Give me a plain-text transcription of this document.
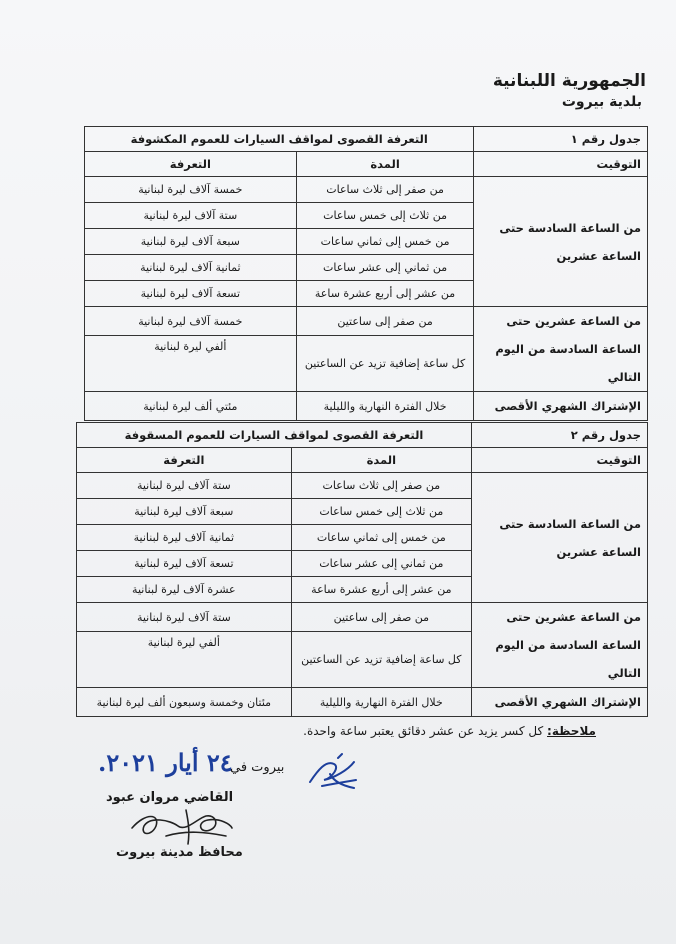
الجمهورية اللبنانية
بلدية بيروت
جدول رقم ١	التعرفة القصوى لمواقف السيارات للعموم المكشوفة	
التوقيت	المدة	التعرفة
من الساعة السادسة حتى الساعة عشرين	من صفر إلى ثلاث ساعات	خمسة آلاف ليرة لبنانية
	من ثلاث إلى خمس ساعات	ستة آلاف ليرة لبنانية
	من خمس إلى ثماني ساعات	سبعة آلاف ليرة لبنانية
	من ثماني إلى عشر ساعات	ثمانية آلاف ليرة لبنانية
	من عشر إلى أربع عشرة ساعة	تسعة آلاف ليرة لبنانية
من الساعة عشرين حتى الساعة السادسة من اليوم التالي	من صفر إلى ساعتين	خمسة آلاف ليرة لبنانية
	كل ساعة إضافية تزيد عن الساعتين	ألفي ليرة لبنانية
الإشتراك الشهري الأقصى	خلال الفترة النهارية والليلية	مئتي ألف ليرة لبنانية
جدول رقم ٢	التعرفة القصوى لمواقف السيارات للعموم المسقوفة	
التوقيت	المدة	التعرفة
من الساعة السادسة حتى الساعة عشرين	من صفر إلى ثلاث ساعات	ستة آلاف ليرة لبنانية
	من ثلاث إلى خمس ساعات	سبعة آلاف ليرة لبنانية
	من خمس إلى ثماني ساعات	ثمانية آلاف ليرة لبنانية
	من ثماني إلى عشر ساعات	تسعة آلاف ليرة لبنانية
	من عشر إلى أربع عشرة ساعة	عشرة آلاف ليرة لبنانية
من الساعة عشرين حتى الساعة السادسة من اليوم التالي	من صفر إلى ساعتين	ستة آلاف ليرة لبنانية
	كل ساعة إضافية تزيد عن الساعتين	ألفي ليرة لبنانية
الإشتراك الشهري الأقصى	خلال الفترة النهارية والليلية	مئتان وخمسة وسبعون ألف ليرة لبنانية
ملاحظة: كل كسر يزيد عن عشر دقائق يعتبر ساعة واحدة.
٢٤ أيار ٢٠٢١.
بيروت في
القاضي مروان عبود
محافظ مدينة بيروت
